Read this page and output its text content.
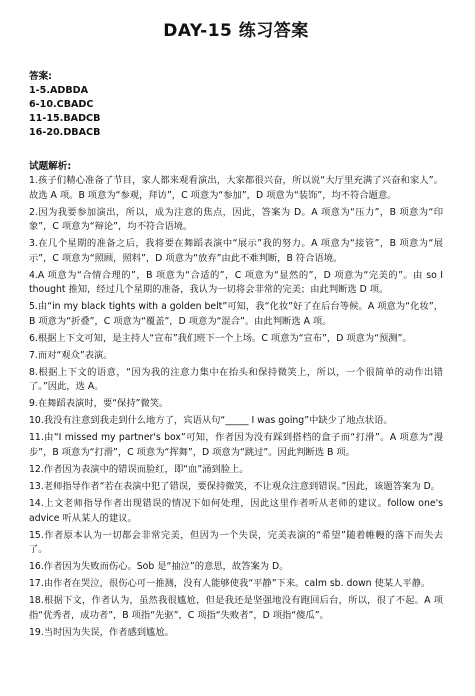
DAY-15 练习答案
答案:
1-5.ADBDA
6-10.CBADC
11-15.BADCB
16-20.DBACB
试题解析:

1.孩子们精心准备了节目，家人都来观看演出，大家都很兴奋，所以说“大厅里充满了兴奋和家人”。故选 A 项。B 项意为“参观，拜访”，C 项意为“参加”，D 项意为“装饰”，均不符合题意。

2.因为我要参加演出，所以，成为注意的焦点，因此，答案为 D。A 项意为“压力”，B 项意为“印象”，C 项意为“辩论”，均不符合语境。

3.在几个星期的准备之后，我将要在舞蹈表演中“展示”我的努力。A 项意为“接管”，B 项意为“展示”，C 项意为“照顾，照料”，D 项意为“放弃”由此不难判断，B 符合语境。

4.A 项意为“合情合理的”，B 项意为“合适的”，C 项意为“显然的”，D 项意为“完美的”。由 so I thought 推知，经过几个星期的准备，我认为一切将会非常的完美；由此判断选 D 项。

5.由“in my black tights with a golden belt”可知，我“化妆”好了在后台等候。A 项意为“化妆”，B 项意为“折叠”，C 项意为“覆盖”，D 项意为“混合”。由此判断选 A 项。

6.根据上下文可知，是主持人“宣布”我们班下一个上场。C 项意为“宣布”，D 项意为“预测”。

7.而对“观众”表演。

8.根据上下文的语意，“因为我的注意力集中在抬头和保持微笑上，所以，一个很简单的动作出错了。”因此，选 A。

9.在舞蹈表演时，要“保持”微笑。

10.我没有注意到我走到什么地方了，宾语从句“_____ I was going”中缺少了地点状语。

11.由“I missed my partner's box”可知，作者因为没有踩到搭档的盒子而“打滑”。A 项意为“漫步”，B 项意为“打滑”，C 项意为“挥舞”，D 项意为“跳过”。因此判断选 B 项。

12.作者因为表演中的错误而脸红，即“血”涌到脸上。

13.老师指导作者“若在表演中犯了错误，要保持微笑，不让观众注意到错误。”因此，该题答案为 D。

14.上文老师指导作者出现错误的情况下如何处理，因此这里作者听从老师的建议。follow one's advice 听从某人的建议。

15.作者原本认为一切都会非常完美，但因为一个失误，完美表演的“希望”随着帷幔的落下而失去了。

16.作者因为失败而伤心。Sob 是“抽泣”的意思，故答案为 D。

17.由作者在哭泣，很伤心可一推测，没有人能够使我“平静”下来。calm sb. down 使某人平静。

18.根据下文，作者认为，虽然我很尴尬，但是我还是坚强地没有跑回后台，所以，很了不起。A 项指“优秀者，成功者”，B 项指“先驱”，C 项指“失败者”，D 项指“傻瓜”。

19.当时因为失误，作者感到尴尬。
